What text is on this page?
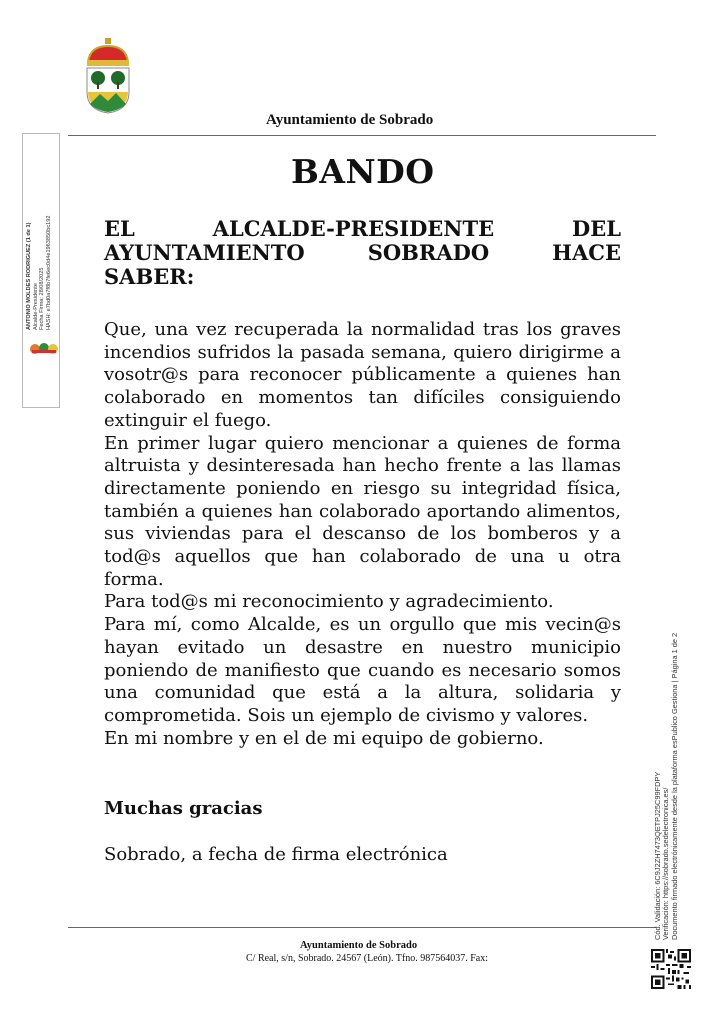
Ayuntamiento de Sobrado
BANDO
EL	ALCALDE-PRESIDENTE	DEL
AYUNTAMIENTO	SOBRADO	HACE
SABER:

Que, una vez recuperada la normalidad tras los graves incendios sufridos la pasada semana, quiero dirigirme a vosotr@s para reconocer públicamente a quienes han colaborado en momentos tan difíciles consiguiendo extinguir el fuego.

En primer lugar quiero mencionar a quienes de forma altruista y desinteresada han hecho frente a las llamas directamente poniendo en riesgo su integridad física, también a quienes han colaborado aportando alimentos, sus viviendas para el descanso de los bomberos y a tod@s aquellos que han colaborado de una u otra forma.

Para tod@s mi reconocimiento y agradecimiento.

Para mí, como Alcalde, es un orgullo que mis vecin@s hayan evitado un desastre en nuestro municipio poniendo de manifiesto que cuando es necesario somos una comunidad que está a la altura, solidaria y comprometida. Sois un ejemplo de civismo y valores.

En mi nombre y en el de mi equipo de gobierno.

Muchas gracias
Sobrado, a fecha de firma electrónica
Ayuntamiento de Sobrado
C/ Real, s/n, Sobrado. 24567 (León). Tfno. 987564037. Fax:
ANTONIO MOLDES RODRIGUEZ (1 de 1) Alcalde-Presidente Fecha Firma: 28/08/2025 HASH: e7bd0a7f8b7fe6ec0d4e1963850bc192
Cód. Validación: 6C9J2ZH7473QETPJ25C99FDPY Verificación: https://sobrado.sedelectronica.es/ Documento firmado electrónicamente desde la plataforma esPublico Gestiona | Página 1 de 2
